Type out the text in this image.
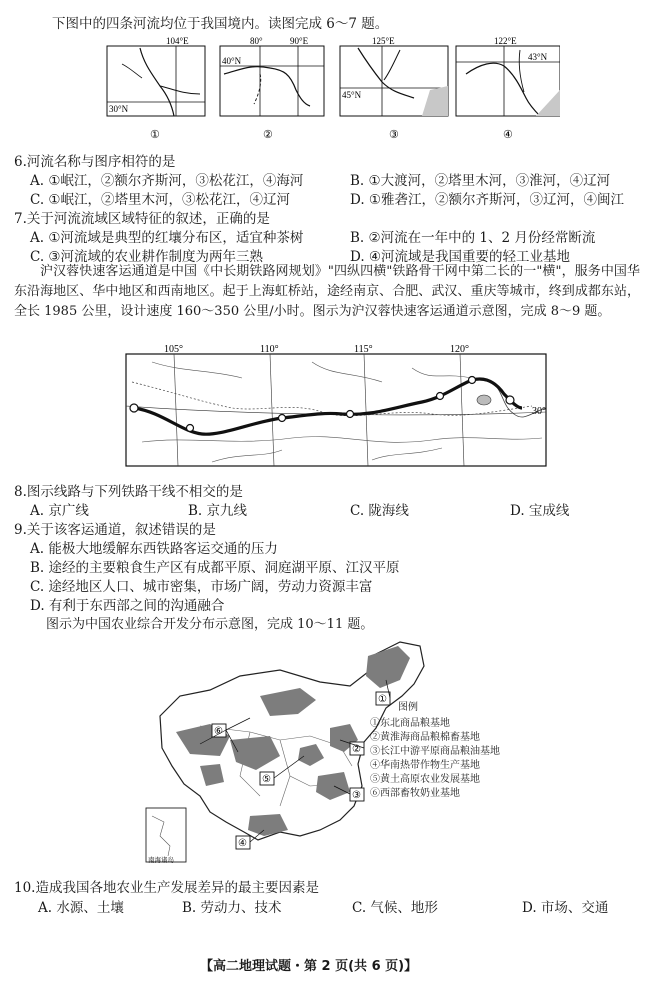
下图中的四条河流均位于我国境内。读图完成 6～7 题。
104°E
30°N
①
80°	90°E
40°N
②
125°E
45°N
③
122°E
43°N
④
6.河流名称与图序相符的是
A. ①岷江，②额尔齐斯河，③松花江，④海河	B. ①大渡河，②塔里木河，③淮河，④辽河
C. ①岷江，②塔里木河，③松花江，④辽河	D. ①雅砻江，②额尔齐斯河，③辽河，④闽江
7.关于河流流域区域特征的叙述，正确的是
A. ①河流域是典型的红壤分布区，适宜种茶树	B. ②河流在一年中的 1、2 月份经常断流
C. ③河流域的农业耕作制度为两年三熟	D. ④河流域是我国重要的轻工业基地
沪汉蓉快速客运通道是中国《中长期铁路网规划》"四纵四横"铁路骨干网中第二长的一"横"，服务中国华东沿海地区、华中地区和西南地区。起于上海虹桥站，途经南京、合肥、武汉、重庆等城市，终到成都东站，全长 1985 公里，设计速度 160～350 公里/小时。图示为沪汉蓉快速客运通道示意图，完成 8～9 题。
105°	110°	115°	120°
30°
8.图示线路与下列铁路干线不相交的是
A. 京广线	B. 京九线	C. 陇海线	D. 宝成线
9.关于该客运通道，叙述错误的是
A. 能极大地缓解东西铁路客运交通的压力
B. 途经的主要粮食生产区有成都平原、洞庭湖平原、江汉平原
C. 途经地区人口、城市密集，市场广阔，劳动力资源丰富
D. 有利于东西部之间的沟通融合
图示为中国农业综合开发分布示意图，完成 10～11 题。
南海诸岛
①
②
③
④
⑤
⑥
图例
①东北商品粮基地
②黄淮海商品粮棉畜基地
③长江中游平原商品粮油基地
④华南热带作物生产基地
⑤黄土高原农业发展基地
⑥西部畜牧奶业基地
10.造成我国各地农业生产发展差异的最主要因素是
A. 水源、土壤	B. 劳动力、技术	C. 气候、地形	D. 市场、交通
【高二地理试题・第 2 页(共 6 页)】
